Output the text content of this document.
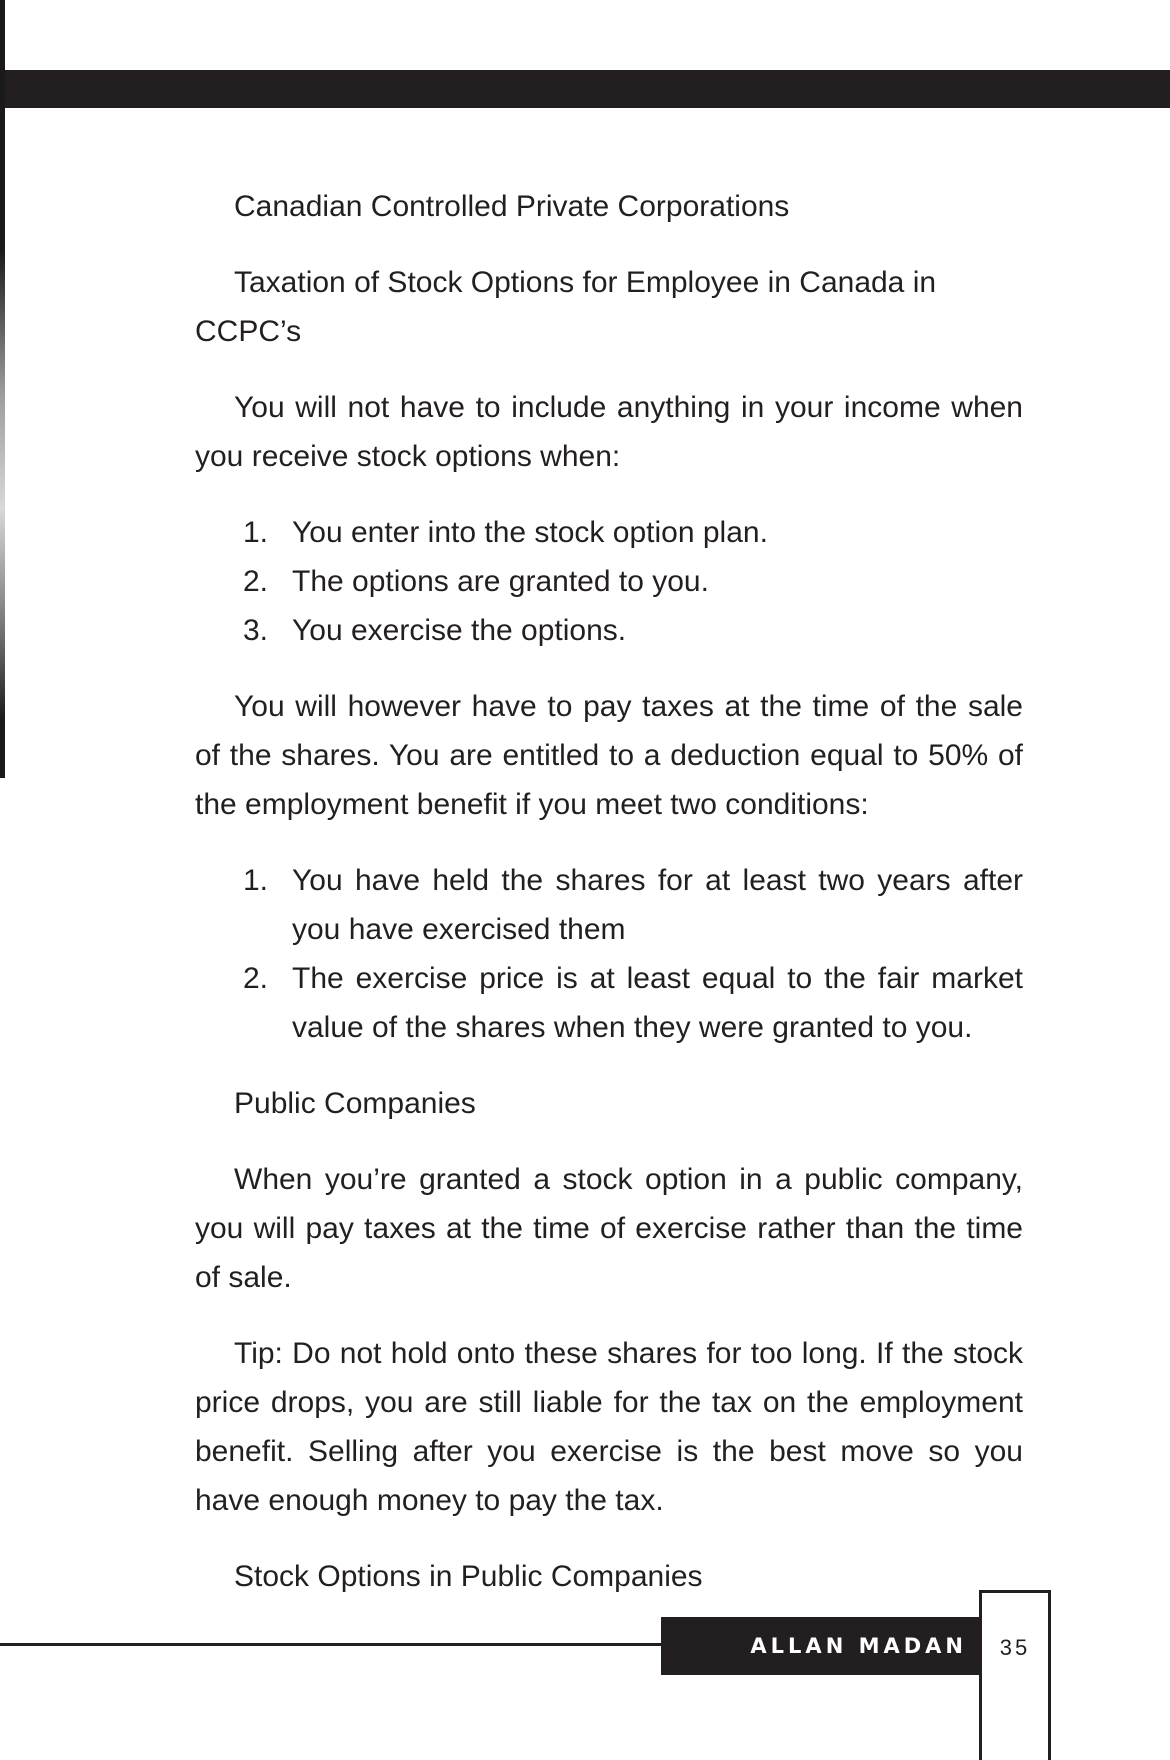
Canadian Controlled Private Corporations

Taxation of Stock Options for Employee in Canada in CCPC’s

You will not have to include anything in your income when you receive stock options when:

1. You enter into the stock option plan.
2. The options are granted to you.
3. You exercise the options.

You will however have to pay taxes at the time of the sale of the shares. You are entitled to a deduction equal to 50% of the employment benefit if you meet two conditions:

1. You have held the shares for at least two years after you have exercised them
2. The exercise price is at least equal to the fair market value of the shares when they were granted to you.

Public Companies

When you’re granted a stock option in a public company, you will pay taxes at the time of exercise rather than the time of sale.

Tip: Do not hold onto these shares for too long. If the stock price drops, you are still liable for the tax on the employment benefit. Selling after you exercise is the best move so you have enough money to pay the tax.

Stock Options in Public Companies

ALLAN MADAN	35
